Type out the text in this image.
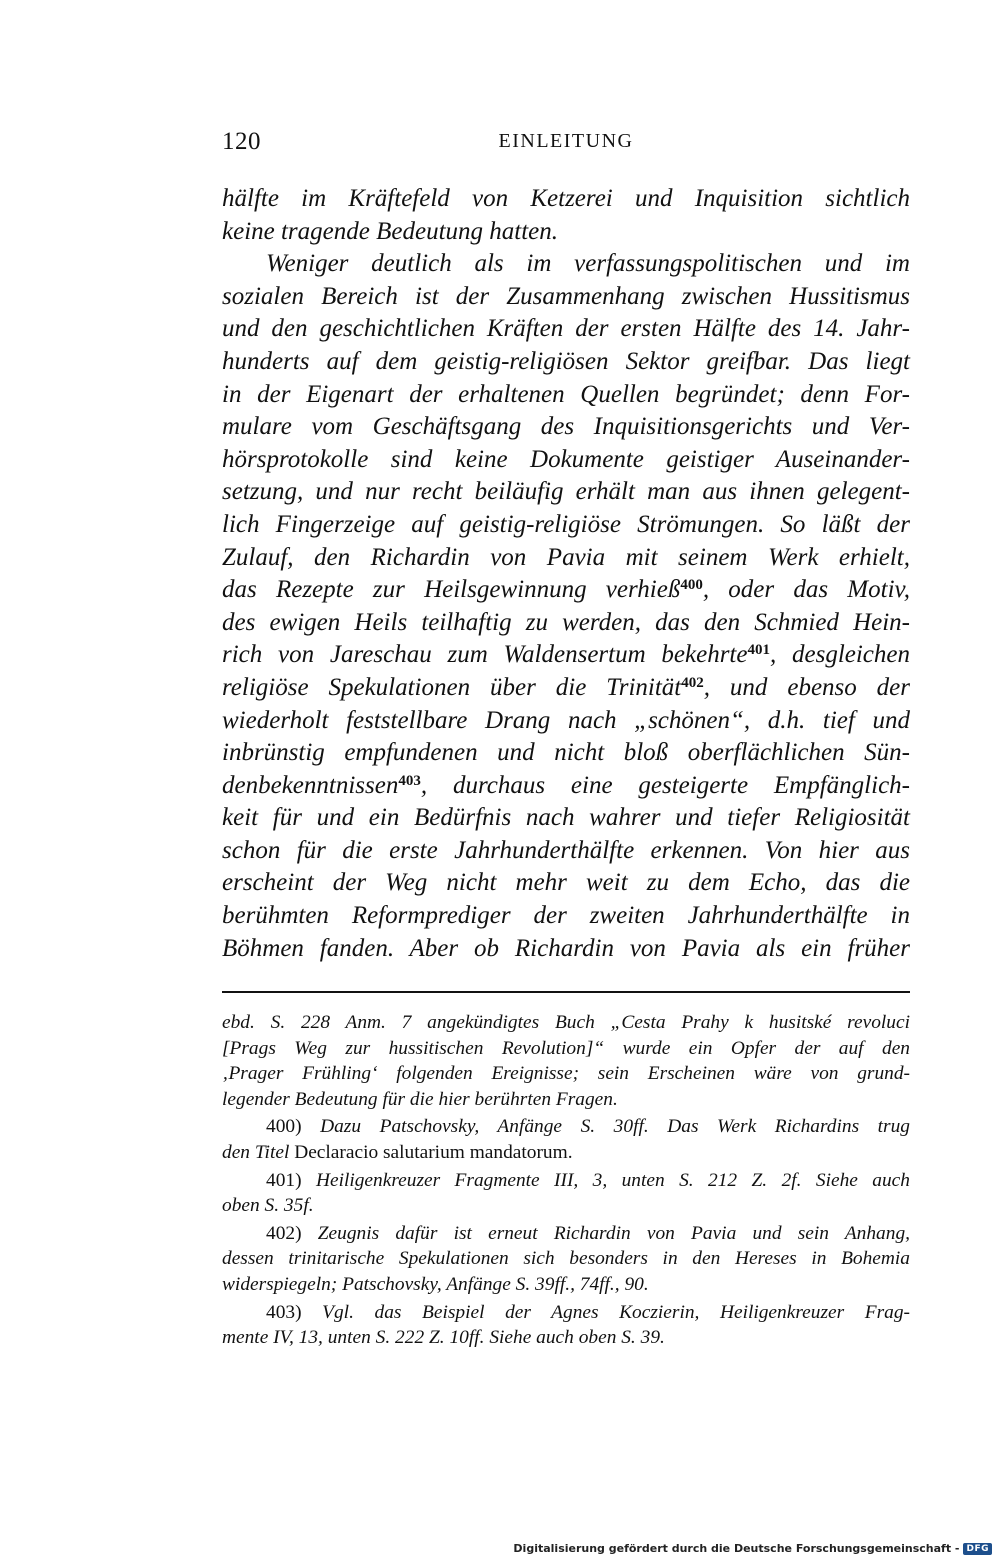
120	EINLEITUNG

hälfte im Kräftefeld von Ketzerei und Inquisition sichtlich
keine tragende Bedeutung hatten.

Weniger deutlich als im verfassungspolitischen und im
sozialen Bereich ist der Zusammenhang zwischen Hussitismus
und den geschichtlichen Kräften der ersten Hälfte des 14. Jahr-
hunderts auf dem geistig-religiösen Sektor greifbar. Das liegt
in der Eigenart der erhaltenen Quellen begründet; denn For-
mulare vom Geschäftsgang des Inquisitionsgerichts und Ver-
hörsprotokolle sind keine Dokumente geistiger Auseinander-
setzung, und nur recht beiläufig erhält man aus ihnen gelegent-
lich Fingerzeige auf geistig-religiöse Strömungen. So läßt der
Zulauf, den Richardin von Pavia mit seinem Werk erhielt,
das Rezepte zur Heilsgewinnung verhieß$^{400}$, oder das Motiv,
des ewigen Heils teilhaftig zu werden, das den Schmied Hein-
rich von Jareschau zum Waldensertum bekehrte$^{401}$, desgleichen
religiöse Spekulationen über die Trinität$^{402}$, und ebenso der
wiederholt feststellbare Drang nach „schönen“, d.h. tief und
inbrünstig empfundenen und nicht bloß oberflächlichen Sün-
denbekenntnissen$^{403}$, durchaus eine gesteigerte Empfänglich-
keit für und ein Bedürfnis nach wahrer und tiefer Religiosität
schon für die erste Jahrhunderthälfte erkennen. Von hier aus
erscheint der Weg nicht mehr weit zu dem Echo, das die
berühmten Reformprediger der zweiten Jahrhunderthälfte in
Böhmen fanden. Aber ob Richardin von Pavia als ein früher

ebd. S. 228 Anm. 7 angekündigtes Buch „Cesta Prahy k husitské revoluci
[Prags Weg zur hussitischen Revolution]“ wurde ein Opfer der auf den
‚Prager Frühling‘ folgenden Ereignisse; sein Erscheinen wäre von grund-
legender Bedeutung für die hier berührten Fragen.
400) Dazu Patschovsky, Anfänge S. 30ff. Das Werk Richardins trug
den Titel Declaracio salutarium mandatorum.
401) Heiligenkreuzer Fragmente III, 3, unten S. 212 Z. 2f. Siehe auch
oben S. 35f.
402) Zeugnis dafür ist erneut Richardin von Pavia und sein Anhang,
dessen trinitarische Spekulationen sich besonders in den Hereses in Bohemia
widerspiegeln; Patschovsky, Anfänge S. 39ff., 74ff., 90.
403) Vgl. das Beispiel der Agnes Koczierin, Heiligenkreuzer Frag-
mente IV, 13, unten S. 222 Z. 10ff. Siehe auch oben S. 39.
Digitalisierung gefördert durch die Deutsche Forschungsgemeinschaft - DFG
